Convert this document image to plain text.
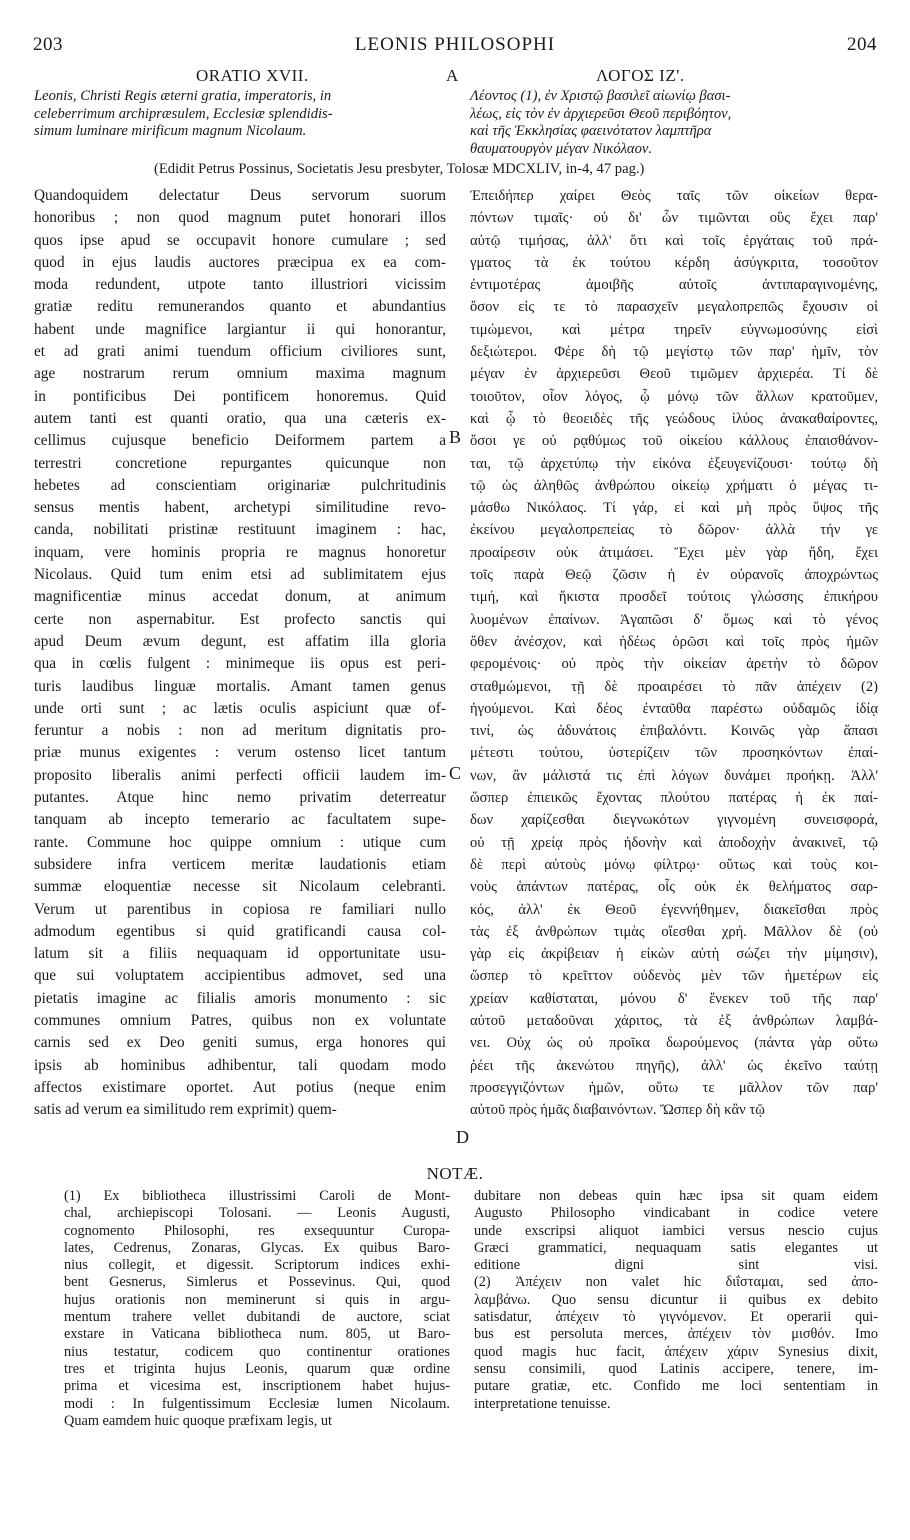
203	LEONIS PHILOSOPHI	204
ORATIO XVII.	A	ΛΟΓΟΣ ΙΖ'.
Leonis, Christi Regis æterni gratia, imperatoris, in
celeberrimum archipræsulem, Ecclesiæ splendidis-
simum luminare mirificum magnum Nicolaum.
Λέοντος (1), ἐν Χριστῷ βασιλεῖ αἰωνίῳ βασι-
λέως, εἰς τὸν ἐν ἀρχιερεῦσι Θεοῦ περιβόητον,
καὶ τῆς Ἐκκλησίας φαεινότατον λαμπτῆρα
θαυματουργὸν μέγαν Νικόλαον.
(Edidit Petrus Possinus, Societatis Jesu presbyter, Tolosæ MDCXLIV, in-4, 47 pag.)
Quandoquidem delectatur Deus servorum suorum
honoribus ; non quod magnum putet honorari illos
quos ipse apud se occupavit honore cumulare ; sed
quod in ejus laudis auctores præcipua ex ea com-
moda redundent, utpote tanto illustriori vicissim
gratiæ reditu remunerandos quanto et abundantius
habent unde magnifice largiantur ii qui honorantur,
et ad grati animi tuendum officium civiliores sunt,
age nostrarum rerum omnium maxima magnum
in pontificibus Dei pontificem honoremus. Quid
autem tanti est quanti oratio, qua una cæteris ex-
cellimus cujusque beneficio Deiformem partem a
terrestri concretione repurgantes quicunque non
hebetes ad conscientiam originariæ pulchritudinis
sensus mentis habent, archetypi similitudine revo-
canda, nobilitati pristinæ restituunt imaginem : hac,
inquam, vere hominis propria re magnus honoretur
Nicolaus. Quid tum enim etsi ad sublimitatem ejus
magnificentiæ minus accedat donum, at animum
certe non aspernabitur. Est profecto sanctis qui
apud Deum ævum degunt, est affatim illa gloria
qua in cœlis fulgent : minimeque iis opus est peri-
turis laudibus linguæ mortalis. Amant tamen genus
unde orti sunt ; ac lætis oculis aspiciunt quæ of-
feruntur a nobis : non ad meritum dignitatis pro-
priæ munus exigentes : verum ostenso licet tantum
proposito liberalis animi perfecti officii laudem im-
putantes. Atque hinc nemo privatim deterreatur
tanquam ab incepto temerario ac facultatem supe-
rante. Commune hoc quippe omnium : utique cum
subsidere infra verticem meritæ laudationis etiam
summæ eloquentiæ necesse sit Nicolaum celebranti.
Verum ut parentibus in copiosa re familiari nullo
admodum egentibus si quid gratificandi causa col-
latum sit a filiis nequaquam id opportunitate usu-
que sui voluptatem accipientibus admovet, sed una
pietatis imagine ac filialis amoris monumento : sic
communes omnium Patres, quibus non ex voluntate
carnis sed ex Deo geniti sumus, erga honores qui
ipsis ab hominibus adhibentur, tali quodam modo
affectos existimare oportet. Aut potius (neque enim
satis ad verum ea similitudo rem exprimit) quem-
Ἐπειδήπερ χαίρει Θεὸς ταῖς τῶν οἰκείων θερα-
πόντων τιμαῖς· οὐ δι' ὧν τιμῶνται οὓς ἔχει παρ'
αὐτῷ τιμήσας, ἀλλ' ὅτι καὶ τοῖς ἐργάταις τοῦ πρά-
γματος τὰ ἐκ τούτου κέρδη ἀσύγκριτα, τοσοῦτον
ἐντιμοτέρας ἀμοιβῆς αὐτοῖς ἀντιπαραγινομένης,
ὅσον εἰς τε τὸ παρασχεῖν μεγαλοπρεπῶς ἔχουσιν οἱ
τιμώμενοι, καὶ μέτρα τηρεῖν εὐγνωμοσύνης εἰσὶ
δεξιώτεροι. Φέρε δὴ τῷ μεγίστῳ τῶν παρ' ἡμῖν, τὸν
μέγαν ἐν ἀρχιερεῦσι Θεοῦ τιμῶμεν ἀρχιερέα. Τί δὲ
τοιοῦτον, οἷον λόγος, ᾧ μόνῳ τῶν ἄλλων κρατοῦμεν,
καὶ ᾧ τὸ θεοειδὲς τῆς γεώδους ἰλύος ἀνακαθαίροντες,
ὅσοι γε οὐ ρᾳθύμως τοῦ οἰκείου κάλλους ἐπαισθάνον-
ται, τῷ ἀρχετύπῳ τὴν εἰκόνα ἐξευγενίζουσι· τούτῳ δὴ
τῷ ὡς ἀληθῶς ἀνθρώπου οἰκείῳ χρήματι ὁ μέγας τι-
μάσθω Νικόλαος. Τί γάρ, εἰ καὶ μὴ πρὸς ὕψος τῆς
ἐκείνου μεγαλοπρεπείας τὸ δῶρον· ἀλλὰ τήν γε
προαίρεσιν οὐκ ἀτιμάσει. Ἔχει μὲν γὰρ ἤδη, ἔχει
τοῖς παρὰ Θεῷ ζῶσιν ἡ ἐν οὐρανοῖς ἀποχρώντως
τιμή, καὶ ἥκιστα προσδεῖ τούτοις γλώσσης ἐπικήρου
λυομένων ἐπαίνων. Ἀγαπῶσι δ' ὅμως καὶ τὸ γένος
ὅθεν ἀνέσχον, καὶ ἡδέως ὁρῶσι καὶ τοῖς πρὸς ἡμῶν
φερομένοις· οὐ πρὸς τὴν οἰκείαν ἀρετὴν τὸ δῶρον
σταθμώμενοι, τῇ δὲ προαιρέσει τὸ πᾶν ἀπέχειν (2)
ἡγούμενοι. Καὶ δέος ἐνταῦθα παρέστω οὐδαμῶς ἰδίᾳ
τινί, ὡς ἀδυνάτοις ἐπιβαλόντι. Κοινῶς γὰρ ἅπασι
μέτεστι τούτου, ὑστερίζειν τῶν προσηκόντων ἐπαί-
νων, ἂν μάλιστά τις ἐπὶ λόγων δυνάμει προήκῃ. Ἀλλ'
ὥσπερ ἐπιεικῶς ἔχοντας πλούτου πατέρας ἡ ἐκ παί-
δων χαρίζεσθαι διεγνωκότων γιγνομένη συνεισφορά,
οὐ τῇ χρείᾳ πρὸς ἡδονὴν καὶ ἀποδοχὴν ἀνακινεῖ, τῷ
δὲ περὶ αὐτοὺς μόνῳ φίλτρῳ· οὕτως καὶ τοὺς κοι-
νοὺς ἁπάντων πατέρας, οἷς οὐκ ἐκ θελήματος σαρ-
κός, ἀλλ' ἐκ Θεοῦ ἐγεννήθημεν, διακεῖσθαι πρὸς
τὰς ἐξ ἀνθρώπων τιμὰς οἴεσθαι χρή. Μᾶλλον δὲ (οὐ
γὰρ εἰς ἀκρίβειαν ἡ εἰκὼν αὐτὴ σώζει τὴν μίμησιν),
ὥσπερ τὸ κρεῖττον οὐδενὸς μὲν τῶν ἡμετέρων εἰς
χρείαν καθίσταται, μόνου δ' ἕνεκεν τοῦ τῆς παρ'
αὐτοῦ μεταδοῦναι χάριτος, τὰ ἐξ ἀνθρώπων λαμβά-
νει. Οὐχ ὡς οὐ προῖκα δωρούμενος (πάντα γὰρ οὕτω
ῥέει τῆς ἀκενώτου πηγῆς), ἀλλ' ὡς ἐκεῖνο ταύτῃ
προσεγγιζόντων ἡμῶν, οὕτω τε μᾶλλον τῶν παρ'
αὐτοῦ πρὸς ἡμᾶς διαβαινόντων. Ὥσπερ δὴ κἂν τῷ
B
C
D
NOTÆ.
(1) Ex bibliotheca illustrissimi Caroli de Mont-
chal, archiepiscopi Tolosani. — Leonis Augusti,
cognomento Philosophi, res exsequuntur Curopa-
lates, Cedrenus, Zonaras, Glycas. Ex quibus Baro-
nius collegit, et digessit. Scriptorum indices exhi-
bent Gesnerus, Simlerus et Possevinus. Qui, quod
hujus orationis non meminerunt si quis in argu-
mentum trahere vellet dubitandi de auctore, sciat
exstare in Vaticana bibliotheca num. 805, ut Baro-
nius testatur, codicem quo continentur orationes
tres et triginta hujus Leonis, quarum quæ ordine
prima et vicesima est, inscriptionem habet hujus-
modi : In fulgentissimum Ecclesiæ lumen Nicolaum.
Quam eamdem huic quoque præfixam legis, ut
dubitare non debeas quin hæc ipsa sit quam eidem
Augusto Philosopho vindicabant in codice vetere
unde exscripsi aliquot iambici versus nescio cujus
Græci grammatici, nequaquam satis elegantes ut
editione digni sint visi.
(2) Ἀπέχειν non valet hic διΐσταμαι, sed ἀπο-
λαμβάνω. Quo sensu dicuntur ii quibus ex debito
satisdatur, ἀπέχειν τὸ γιγνόμενον. Et operarii qui-
bus est persoluta merces, ἀπέχειν τὸν μισθόν. Imo
quod magis huc facit, ἀπέχειν χάριν Synesius dixit,
sensu consimili, quod Latinis accipere, tenere, im-
putare gratiæ, etc. Confido me loci sententiam in
interpretatione tenuisse.
